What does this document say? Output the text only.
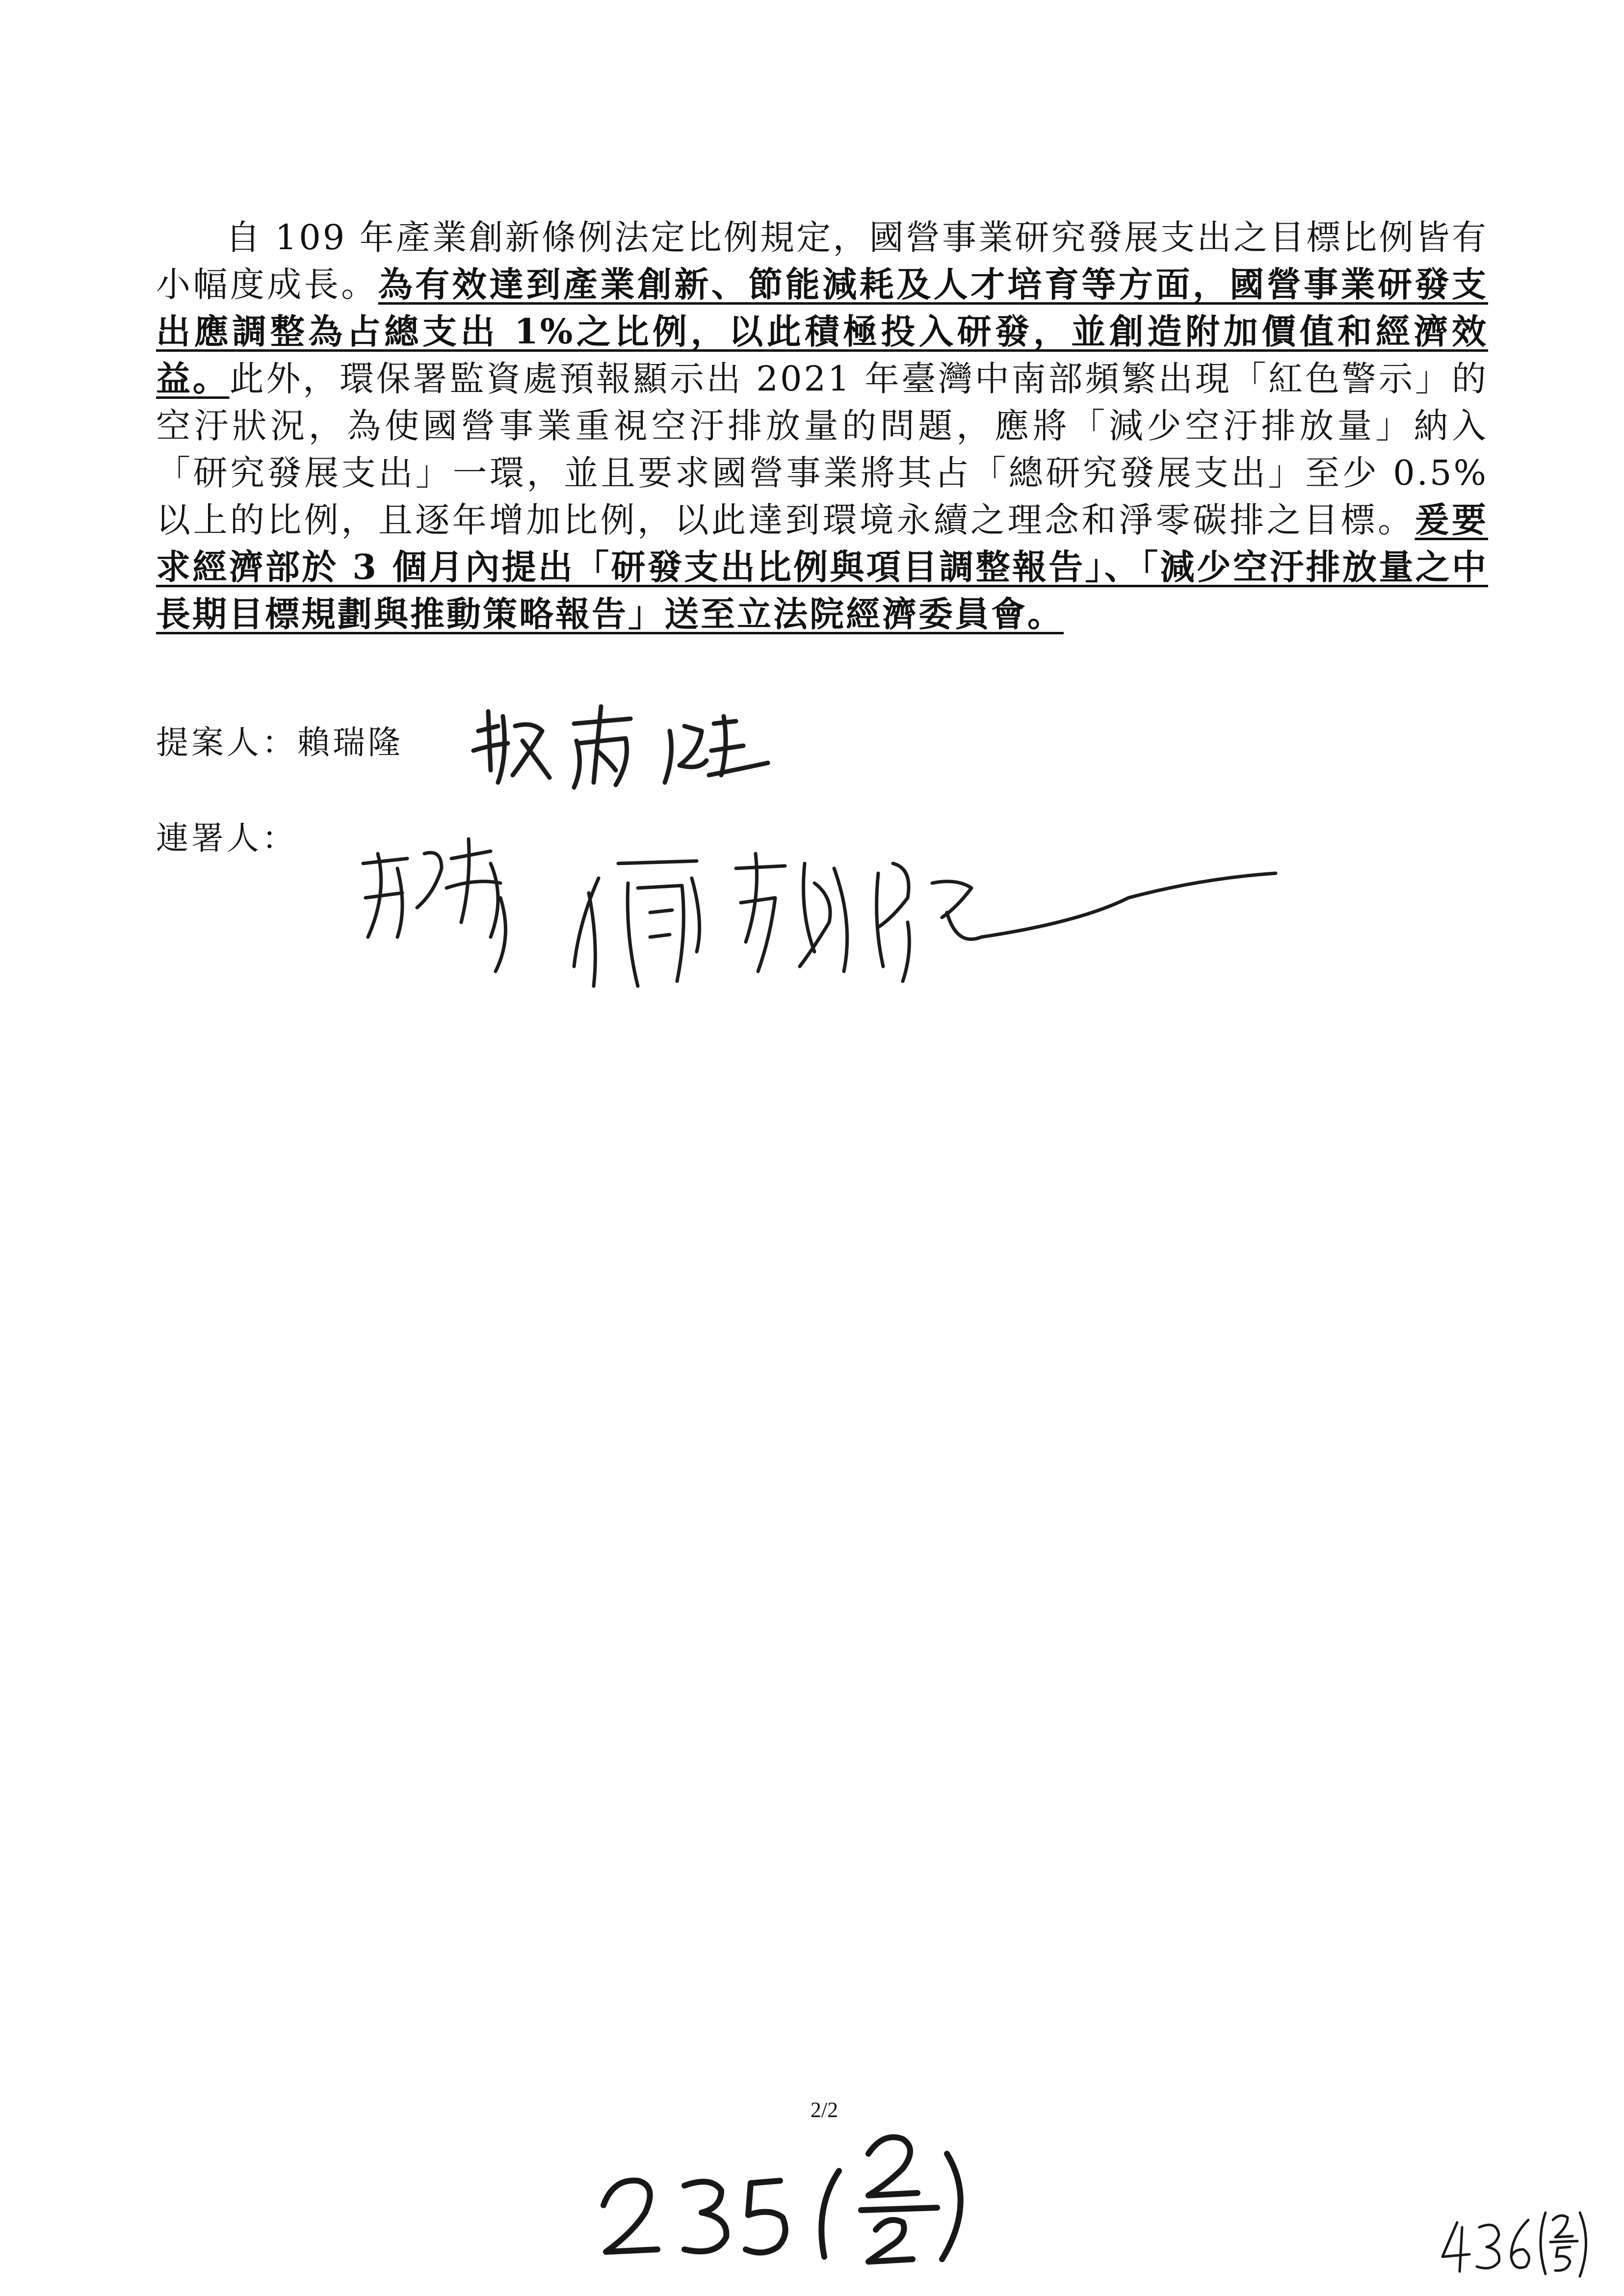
自 109 年產業創新條例法定比例規定，國營事業研究發展支出之目標比例皆有小幅度成長。為有效達到產業創新、節能減耗及人才培育等方面，國營事業研發支出應調整為占總支出 1%之比例，以此積極投入研發，並創造附加價值和經濟效益。此外，環保署監資處預報顯示出 2021 年臺灣中南部頻繁出現「紅色警示」的空汙狀況，為使國營事業重視空汙排放量的問題，應將「減少空汙排放量」納入「研究發展支出」一環，並且要求國營事業將其占「總研究發展支出」至少 0.5%以上的比例，且逐年增加比例，以此達到環境永續之理念和淨零碳排之目標。爰要求經濟部於 3 個月內提出「研發支出比例與項目調整報告」、「減少空汙排放量之中長期目標規劃與推動策略報告」送至立法院經濟委員會。

提案人：賴瑞隆
連署人：
2/2
